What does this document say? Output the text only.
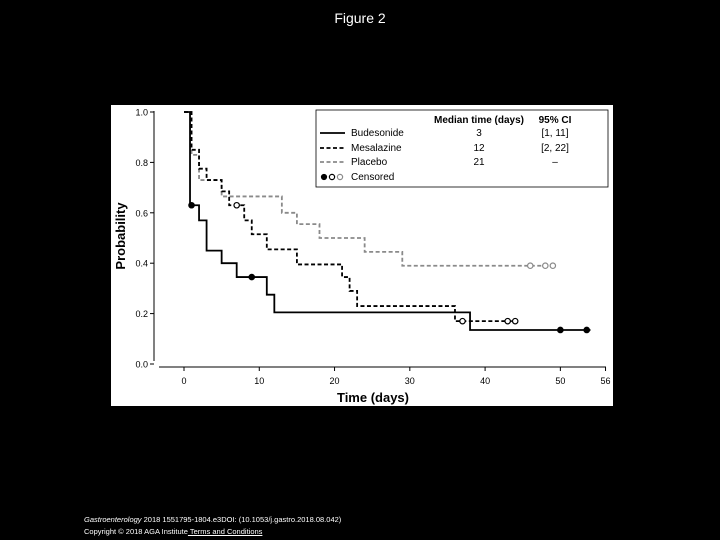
Figure 2
0.0
0.2
0.4
0.6
0.8
1.0
0	10	20	30	40	50	56
Probability
Time (days)
Median time (days) 95% CI
Budesonide	3	[1, 11]
Mesalazine	12	[2, 22]
Placebo	21	–
Censored
Gastroenterology 2018 1551795-1804.e3DOI: (10.1053/j.gastro.2018.08.042)
Copyright © 2018 AGA Institute Terms and Conditions
